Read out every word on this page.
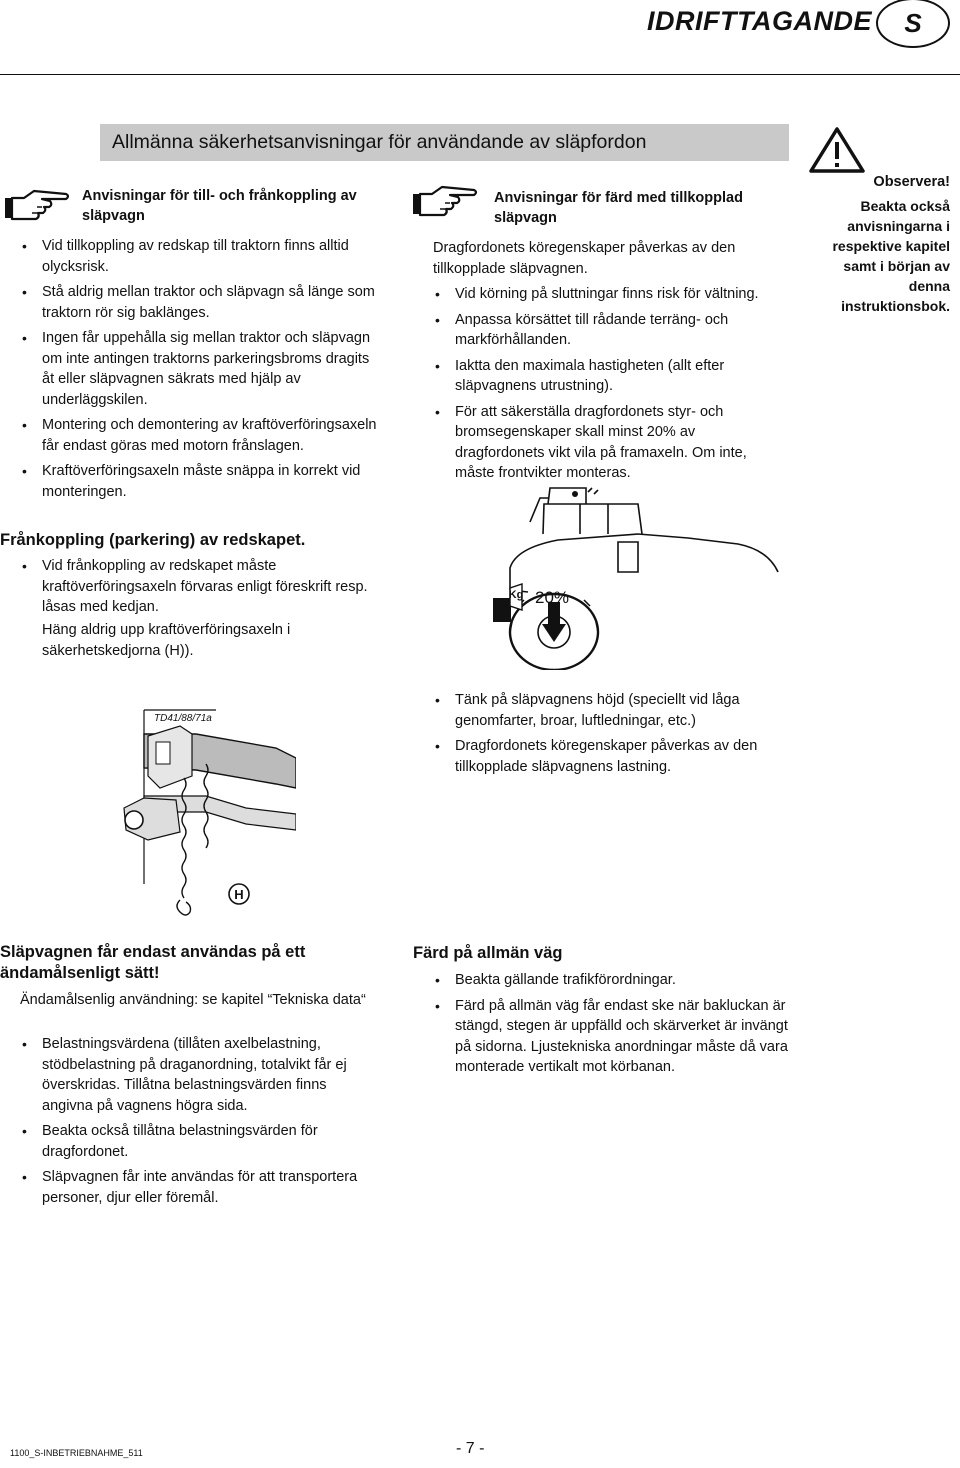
IDRIFTTAGANDE	S
Allmänna säkerhetsanvisningar för användande av släpfordon
Observera!
Beakta också anvisningarna i respektive kapitel samt i början av denna instruktionsbok.
Anvisningar för till- och frånkoppling av släpvagn
• Vid tillkoppling av redskap till traktorn finns alltid olycksrisk.
• Stå aldrig mellan traktor och släpvagn så länge som traktorn rör sig baklänges.
• Ingen får uppehålla sig mellan traktor och släpvagn om inte antingen traktorns parkeringsbroms dragits åt eller släpvagnen säkrats med hjälp av underläggskilen.
• Montering och demontering av kraftöverföringsaxeln får endast göras med motorn frånslagen.
• Kraftöverföringsaxeln måste snäppa in korrekt vid monteringen.
Anvisningar för färd med tillkopplad släpvagn

Dragfordonets köregenskaper påverkas av den tillkopplade släpvagnen.

• Vid körning på sluttningar finns risk för vältning.
• Anpassa körsättet till rådande terräng- och markförhållanden.
• Iaktta den maximala hastigheten (allt efter släpvagnens utrustning).
• För att säkerställa dragfordonets styr- och bromsegenskaper skall minst 20% av dragfordonets vikt vila på framaxeln. Om inte, måste frontvikter monteras.
Frånkoppling (parkering) av redskapet.
• Vid frånkoppling av redskapet måste kraftöverföringsaxeln förvaras enligt föreskrift resp. låsas med kedjan.

Häng aldrig upp kraftöverföringsaxeln i säkerhetskedjorna (H)).

Kg 20%
• Tänk på släpvagnens höjd (speciellt vid låga genomfarter, broar, luftledningar, etc.)
• Dragfordonets köregenskaper påverkas av den tillkopplade släpvagnens lastning.
TD41/88/71a
H
Släpvagnen får endast användas på ett ändamålsenligt sätt!

Ändamålsenlig användning: se kapitel “Tekniska data“

• Belastningsvärdena (tillåten axelbelastning, stödbelastning på draganordning, totalvikt får ej överskridas. Tillåtna belastningsvärden finns angivna på vagnens högra sida.
• Beakta också tillåtna belastningsvärden för dragfordonet.
• Släpvagnen får inte användas för att transportera personer, djur eller föremål.
Färd på allmän väg
• Beakta gällande trafikförordningar.
• Färd på allmän väg får endast ske när bakluckan är stängd, stegen är uppfälld och skärverket är invängt på sidorna. Ljustekniska anordningar måste då vara monterade vertikalt mot körbanan.
1100_S-INBETRIEBNAHME_511	- 7 -
